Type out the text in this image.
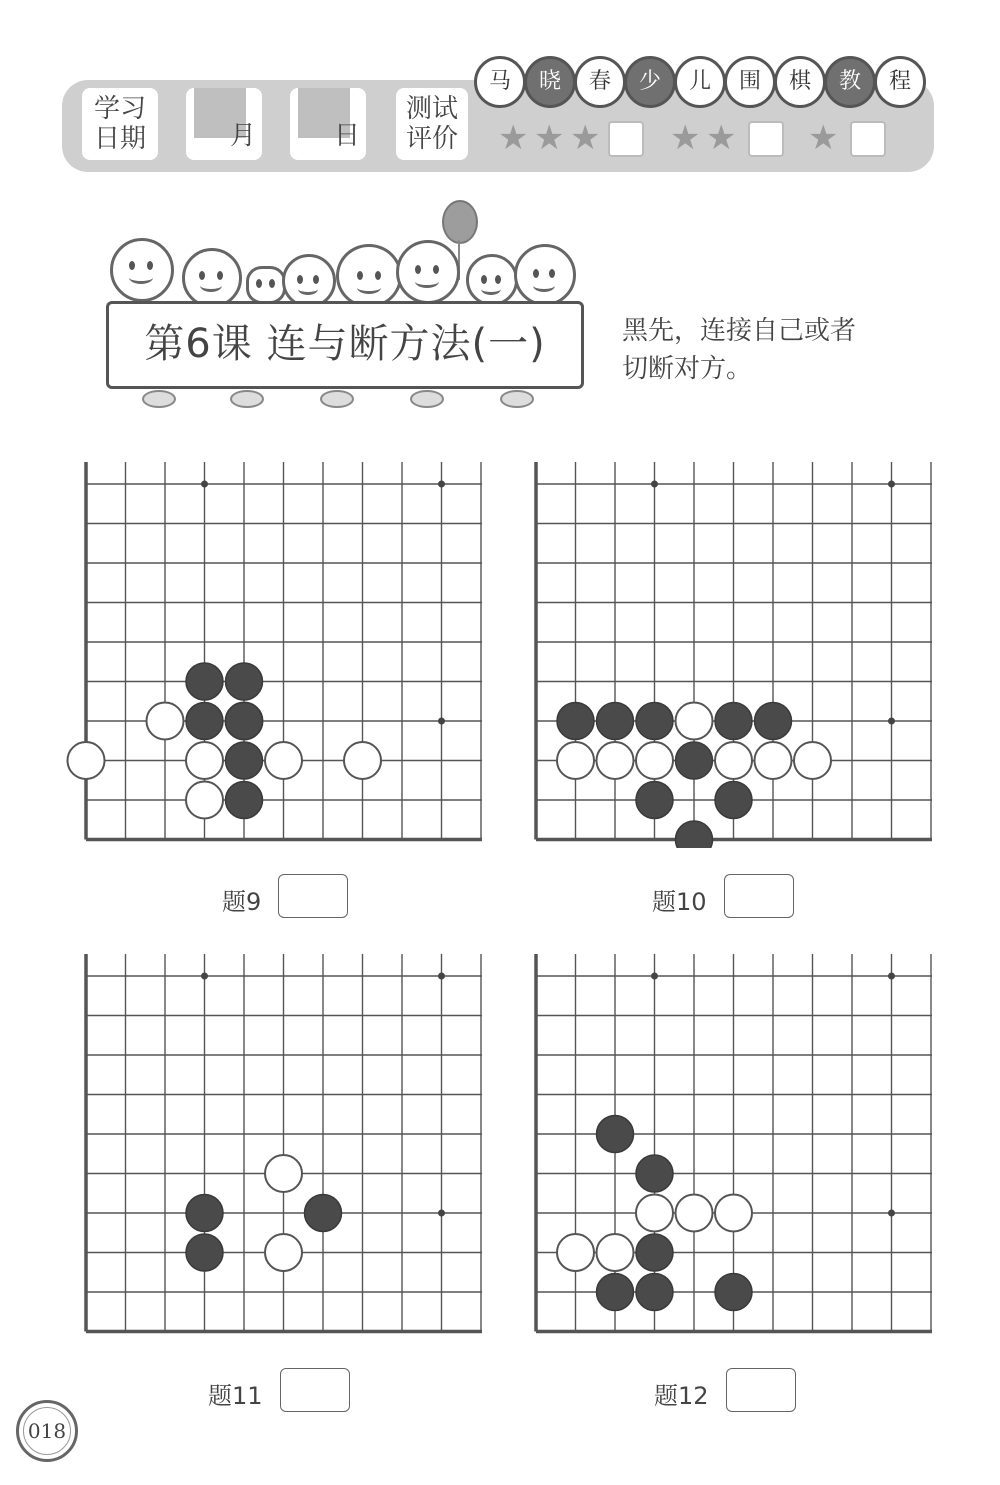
学习
日期	月	日
测试
评价
马	晓	春	少	儿	围	棋	教	程
★ ★ ★ ★ ★ ★
第6课 连与断方法(一)	黑先，连接自己或者
切断对方。
题9	题10
题11	题12
018
